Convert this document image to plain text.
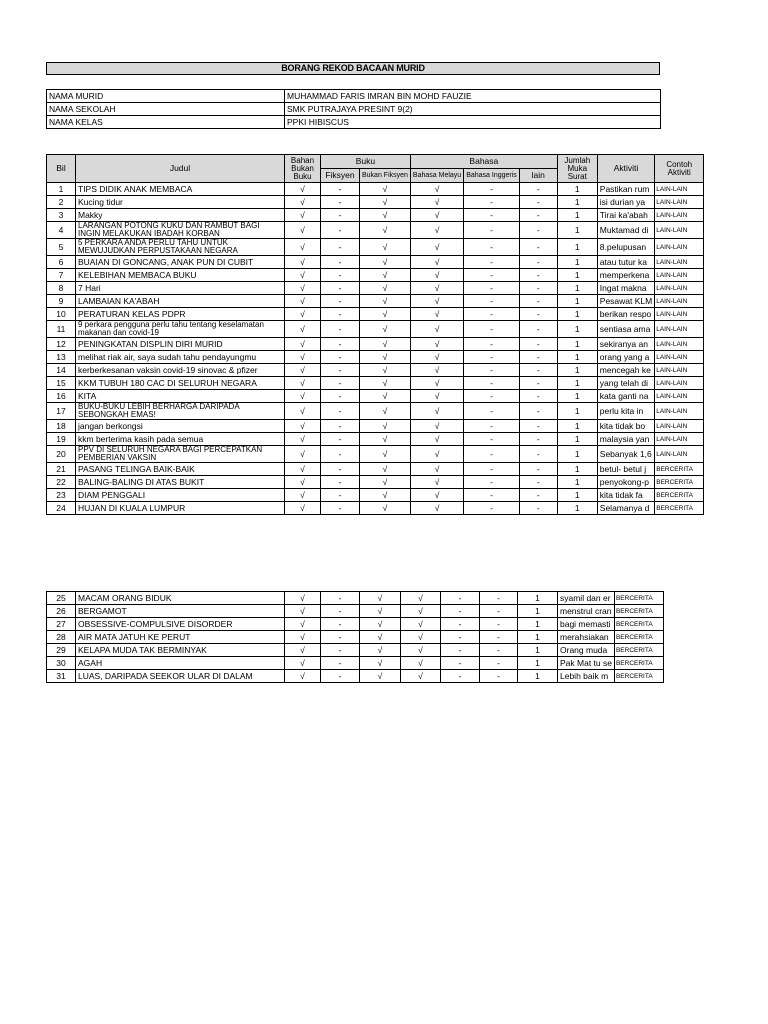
BORANG REKOD BACAAN MURID
NAMA MURID	MUHAMMAD FARIS IMRAN BIN MOHD FAUZIE
NAMA SEKOLAH	SMK PUTRAJAYA PRESINT 9(2)
NAMA KELAS	PPKI HIBISCUS
Bil	Judul	Bahan Bukan Buku	Buku		Bahasa			Jumlah Muka Surat	Aktiviti	Contoh Aktiviti
			Fiksyen	Bukan Fiksyen	Bahasa Melayu	Bahasa Inggeris	lain			
1	TIPS DIDIK ANAK MEMBACA	√	-	√	√	-	-	1	Pastikan rum	LAIN-LAIN
2	Kucing tidur	√	-	√	√	-	-	1	isi durian ya	LAIN-LAIN
3	Makky	√	-	√	√	-	-	1	Tirai ka'abah	LAIN-LAIN
4	LARANGAN POTONG KUKU DAN RAMBUT BAGI INGIN MELAKUKAN IBADAH KORBAN	√	-	√	√	-	-	1	Muktamad di	LAIN-LAIN
5	5 PERKARA ANDA PERLU TAHU UNTUK MEWUJUDKAN PERPUSTAKAAN NEGARA	√	-	√	√	-	-	1	8.pelupusan	LAIN-LAIN
6	BUAIAN DI GONCANG, ANAK PUN DI CUBIT	√	-	√	√	-	-	1	atau tutur ka	LAIN-LAIN
7	KELEBIHAN MEMBACA BUKU	√	-	√	√	-	-	1	memperkena	LAIN-LAIN
8	7 Hari	√	-	√	√	-	-	1	Ingat makna	LAIN-LAIN
9	LAMBAIAN KA'ABAH	√	-	√	√	-	-	1	Pesawat KLM	LAIN-LAIN
10	PERATURAN KELAS PDPR	√	-	√	√	-	-	1	berikan respo	LAIN-LAIN
11	9 perkara pengguna perlu tahu tentang keselamatan makanan dan covid-19	√	-	√	√	-	-	1	sentiasa ama	LAIN-LAIN
12	PENINGKATAN DISPLIN DIRI MURID	√	-	√	√	-	-	1	sekiranya an	LAIN-LAIN
13	melihat riak air, saya sudah tahu pendayungmu	√	-	√	√	-	-	1	orang yang a	LAIN-LAIN
14	kerberkesanan vaksin covid-19 sinovac & pfizer	√	-	√	√	-	-	1	mencegah ke	LAIN-LAIN
15	KKM TUBUH 180 CAC DI SELURUH NEGARA	√	-	√	√	-	-	1	yang telah di	LAIN-LAIN
16	KITA	√	-	√	√	-	-	1	kata ganti na	LAIN-LAIN
17	BUKU-BUKU LEBIH BERHARGA DARIPADA SEBONGKAH EMAS!	√	-	√	√	-	-	1	perlu kita in	LAIN-LAIN
18	jangan berkongsi	√	-	√	√	-	-	1	kita tidak bo	LAIN-LAIN
19	kkm berterima kasih pada semua	√	-	√	√	-	-	1	malaysia yan	LAIN-LAIN
20	PPV DI SELURUH NEGARA BAGI PERCEPATKAN PEMBERIAN VAKSIN	√	-	√	√	-	-	1	Sebanyak 1,6	LAIN-LAIN
21	PASANG TELINGA BAIK-BAIK	√	-	√	√	-	-	1	betul- betul j	BERCERITA
22	BALING-BALING DI ATAS BUKIT	√	-	√	√	-	-	1	penyokong-p	BERCERITA
23	DIAM PENGGALI	√	-	√	√	-	-	1	kita tidak fa	BERCERITA
24	HUJAN DI KUALA LUMPUR	√	-	√	√	-	-	1	Selamanya d	BERCERITA
25	MACAM ORANG BIDUK	√	-	√	√	-	-	1	syamil dan er	BERCERITA
26	BERGAMOT	√	-	√	√	-	-	1	menstrul cran	BERCERITA
27	OBSESSIVE-COMPULSIVE DISORDER	√	-	√	√	-	-	1	bagi memasti	BERCERITA
28	AIR MATA JATUH KE PERUT	√	-	√	√	-	-	1	merahsiakan	BERCERITA
29	KELAPA MUDA TAK BERMINYAK	√	-	√	√	-	-	1	Orang muda	BERCERITA
30	AGAH	√	-	√	√	-	-	1	Pak Mat tu se	BERCERITA
31	LUAS, DARIPADA SEEKOR ULAR DI DALAM	√	-	√	√	-	-	1	Lebih baik m	BERCERITA
